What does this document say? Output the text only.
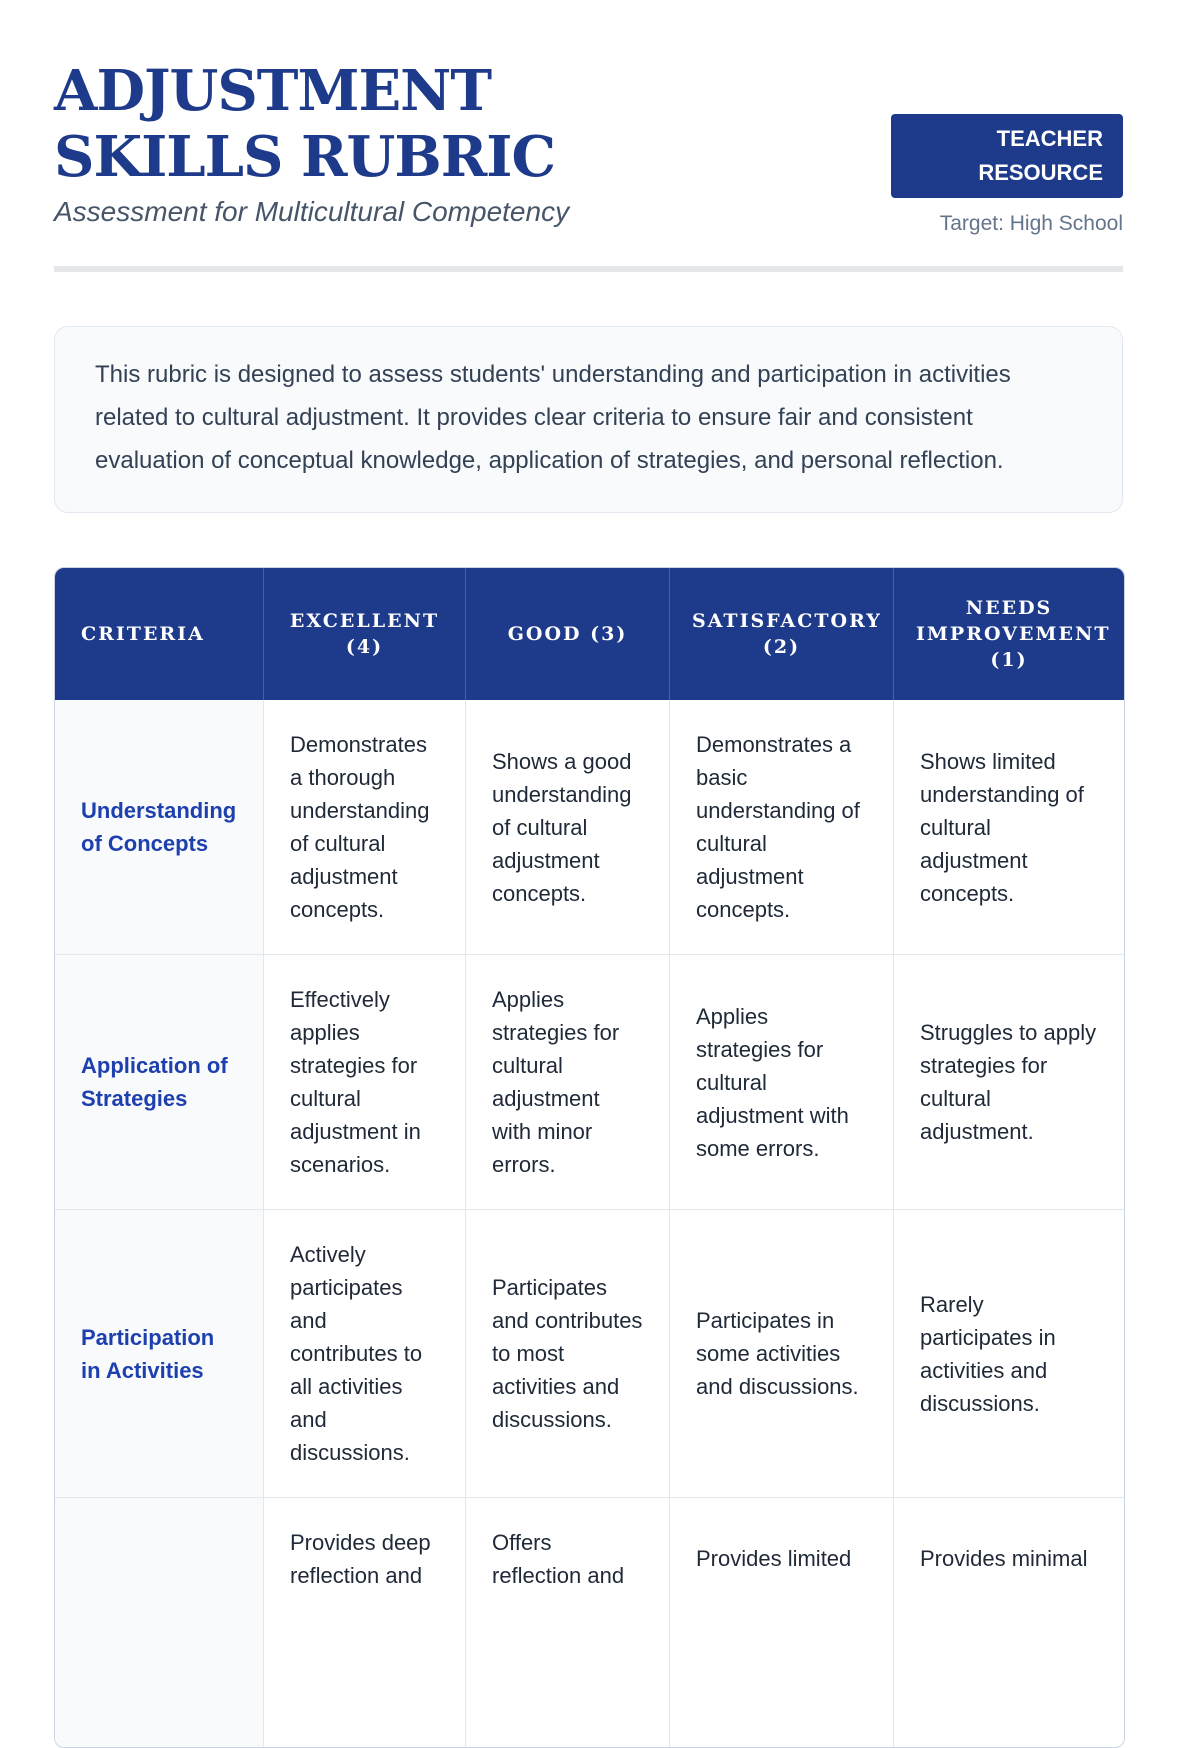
ADJUSTMENT SKILLS RUBRIC
Assessment for Multicultural Competency
TEACHER RESOURCE
Target: High School
This rubric is designed to assess students' understanding and participation in activities related to cultural adjustment. It provides clear criteria to ensure fair and consistent evaluation of conceptual knowledge, application of strategies, and personal reflection.
CRITERIA	EXCELLENT (4)	GOOD (3)	SATISFACTORY (2)	NEEDS IMPROVEMENT (1)
Understanding of Concepts	Demonstrates a thorough understanding of cultural adjustment concepts.	Shows a good understanding of cultural adjustment concepts.	Demonstrates a basic understanding of cultural adjustment concepts.	Shows limited understanding of cultural adjustment concepts.
Application of Strategies	Effectively applies strategies for cultural adjustment in scenarios.	Applies strategies for cultural adjustment with minor errors.	Applies strategies for cultural adjustment with some errors.	Struggles to apply strategies for cultural adjustment.
Participation in Activities	Actively participates and contributes to all activities and discussions.	Participates and contributes to most activities and discussions.	Participates in some activities and discussions.	Rarely participates in activities and discussions.
	Provides deep reflection and	Offers reflection and	Provides limited	Provides minimal
